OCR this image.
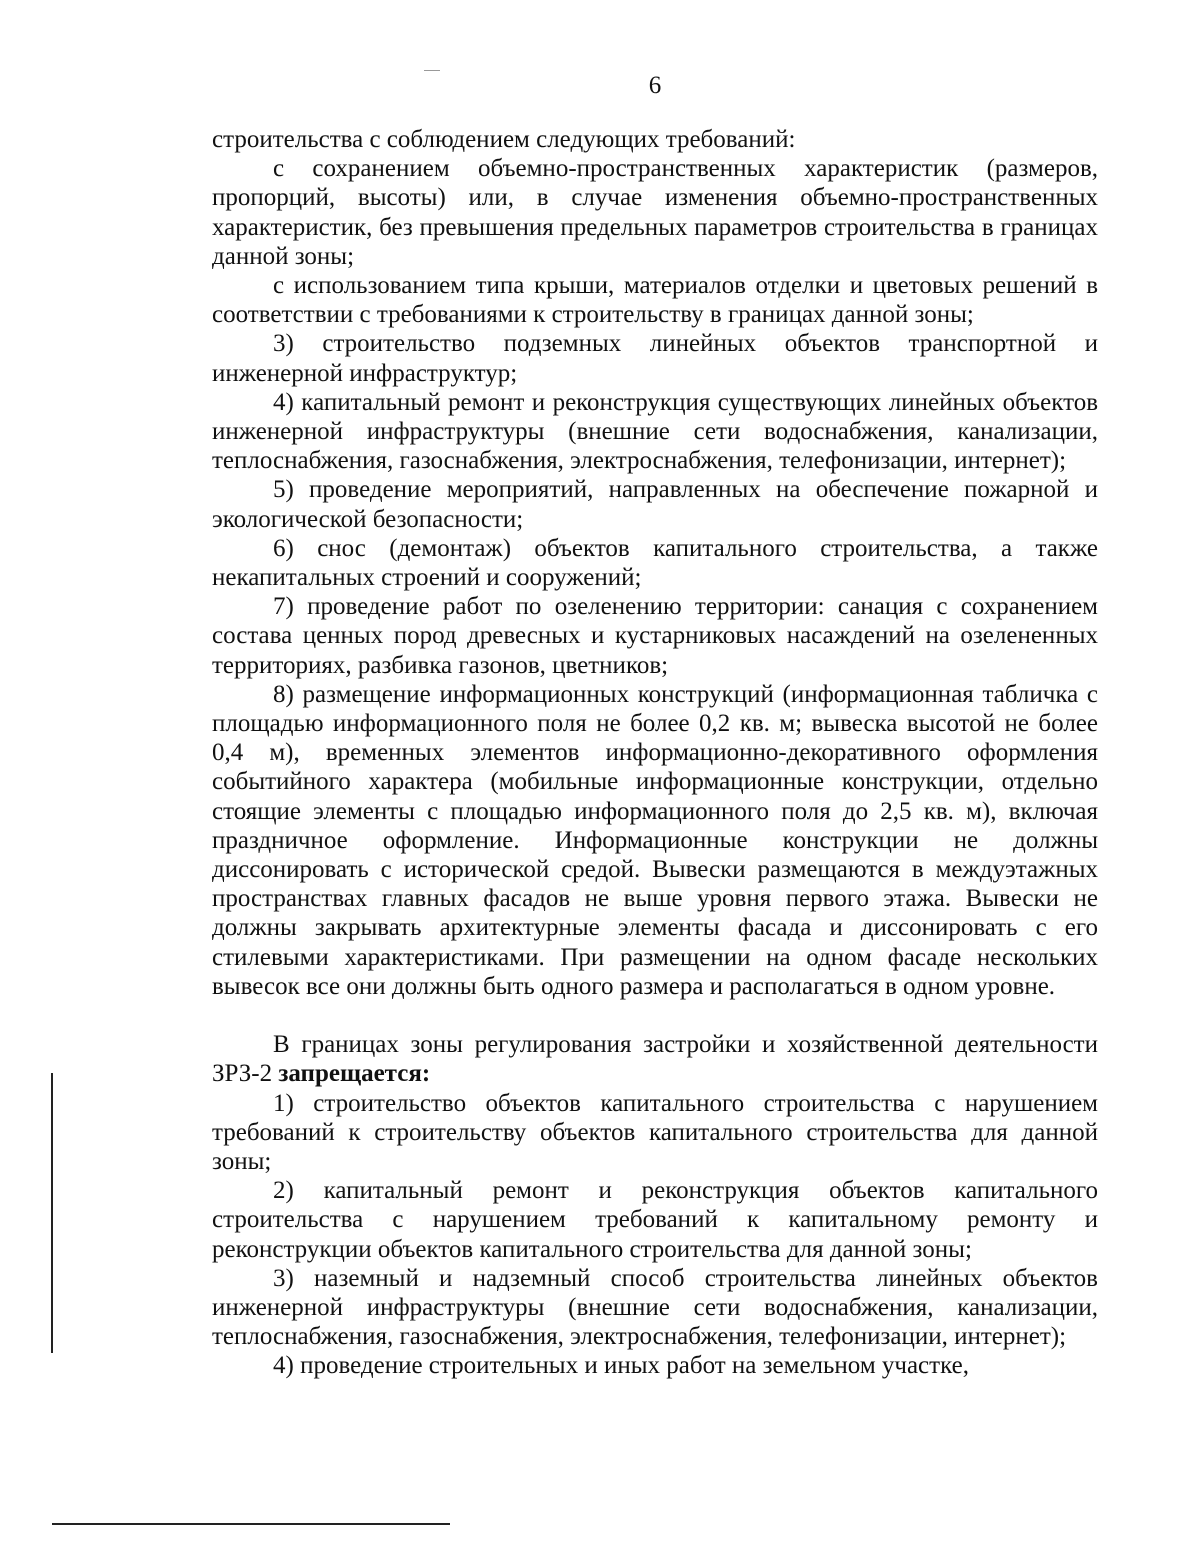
6

строительства с соблюдением следующих требований:

с сохранением объемно-пространственных характеристик (размеров, пропорций, высоты) или, в случае изменения объемно-пространственных характеристик, без превышения предельных параметров строительства в границах данной зоны;

с использованием типа крыши, материалов отделки и цветовых решений в соответствии с требованиями к строительству в границах данной зоны;

3) строительство подземных линейных объектов транспортной и инженерной инфраструктур;

4) капитальный ремонт и реконструкция существующих линейных объектов инженерной инфраструктуры (внешние сети водоснабжения, канализации, теплоснабжения, газоснабжения, электроснабжения, телефонизации, интернет);

5) проведение мероприятий, направленных на обеспечение пожарной и экологической безопасности;

6) снос (демонтаж) объектов капитального строительства, а также некапитальных строений и сооружений;

7) проведение работ по озеленению территории: санация с сохранением состава ценных пород древесных и кустарниковых насаждений на озелененных территориях, разбивка газонов, цветников;

8) размещение информационных конструкций (информационная табличка с площадью информационного поля не более 0,2 кв. м; вывеска высотой не более 0,4 м), временных элементов информационно-декоративного оформления событийного характера (мобильные информационные конструкции, отдельно стоящие элементы с площадью информационного поля до 2,5 кв. м), включая праздничное оформление. Информационные конструкции не должны диссонировать с исторической средой. Вывески размещаются в междуэтажных пространствах главных фасадов не выше уровня первого этажа. Вывески не должны закрывать архитектурные элементы фасада и диссонировать с его стилевыми характеристиками. При размещении на одном фасаде нескольких вывесок все они должны быть одного размера и располагаться в одном уровне.

В границах зоны регулирования застройки и хозяйственной деятельности ЗРЗ-2 запрещается:

1) строительство объектов капитального строительства с нарушением требований к строительству объектов капитального строительства для данной зоны;

2) капитальный ремонт и реконструкция объектов капитального строительства с нарушением требований к капитальному ремонту и реконструкции объектов капитального строительства для данной зоны;

3) наземный и надземный способ строительства линейных объектов инженерной инфраструктуры (внешние сети водоснабжения, канализации, теплоснабжения, газоснабжения, электроснабжения, телефонизации, интернет);

4) проведение строительных и иных работ на земельном участке,
